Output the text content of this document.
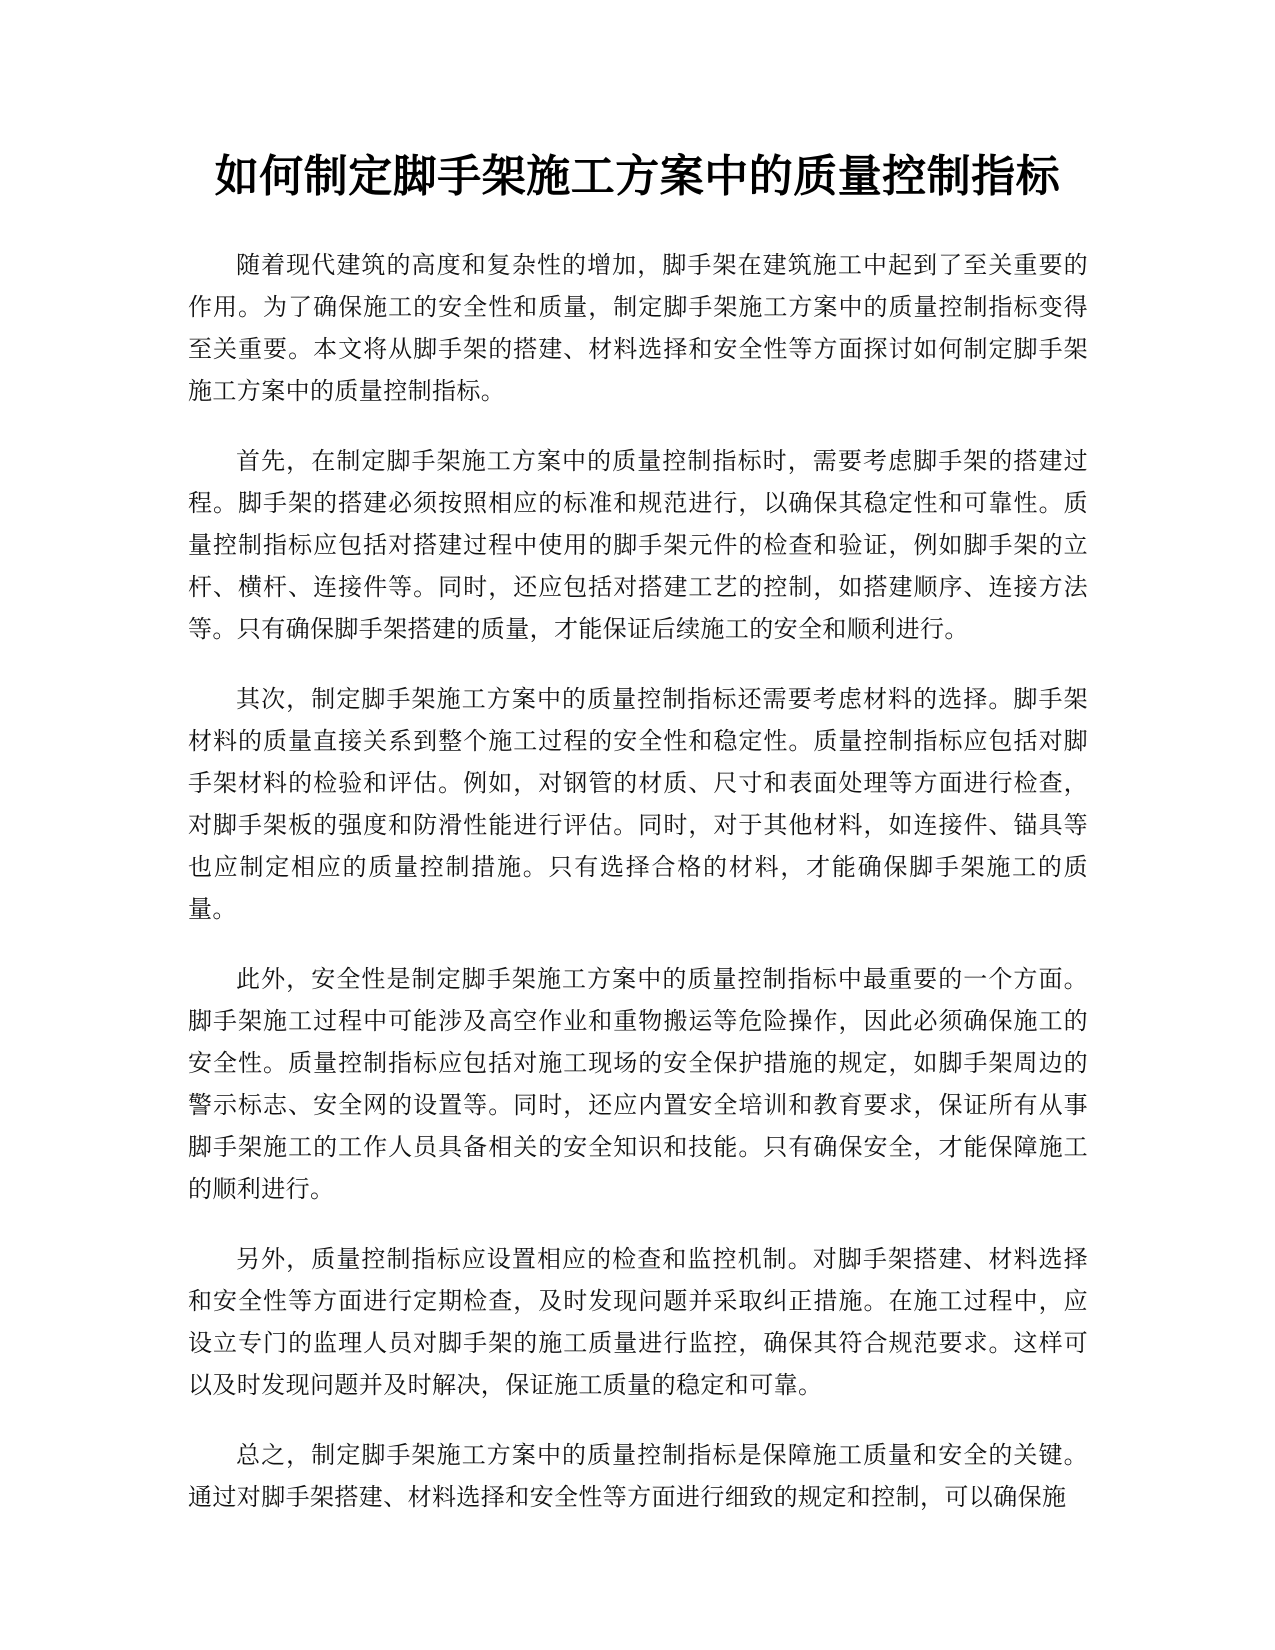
如何制定脚手架施工方案中的质量控制指标

随着现代建筑的高度和复杂性的增加，脚手架在建筑施工中起到了至关重要的作用。为了确保施工的安全性和质量，制定脚手架施工方案中的质量控制指标变得至关重要。本文将从脚手架的搭建、材料选择和安全性等方面探讨如何制定脚手架施工方案中的质量控制指标。

首先，在制定脚手架施工方案中的质量控制指标时，需要考虑脚手架的搭建过程。脚手架的搭建必须按照相应的标准和规范进行，以确保其稳定性和可靠性。质量控制指标应包括对搭建过程中使用的脚手架元件的检查和验证，例如脚手架的立杆、横杆、连接件等。同时，还应包括对搭建工艺的控制，如搭建顺序、连接方法等。只有确保脚手架搭建的质量，才能保证后续施工的安全和顺利进行。

其次，制定脚手架施工方案中的质量控制指标还需要考虑材料的选择。脚手架材料的质量直接关系到整个施工过程的安全性和稳定性。质量控制指标应包括对脚手架材料的检验和评估。例如，对钢管的材质、尺寸和表面处理等方面进行检查，对脚手架板的强度和防滑性能进行评估。同时，对于其他材料，如连接件、锚具等也应制定相应的质量控制措施。只有选择合格的材料，才能确保脚手架施工的质量。

此外，安全性是制定脚手架施工方案中的质量控制指标中最重要的一个方面。脚手架施工过程中可能涉及高空作业和重物搬运等危险操作，因此必须确保施工的安全性。质量控制指标应包括对施工现场的安全保护措施的规定，如脚手架周边的警示标志、安全网的设置等。同时，还应内置安全培训和教育要求，保证所有从事脚手架施工的工作人员具备相关的安全知识和技能。只有确保安全，才能保障施工的顺利进行。

另外，质量控制指标应设置相应的检查和监控机制。对脚手架搭建、材料选择和安全性等方面进行定期检查，及时发现问题并采取纠正措施。在施工过程中，应设立专门的监理人员对脚手架的施工质量进行监控，确保其符合规范要求。这样可以及时发现问题并及时解决，保证施工质量的稳定和可靠。

总之，制定脚手架施工方案中的质量控制指标是保障施工质量和安全的关键。通过对脚手架搭建、材料选择和安全性等方面进行细致的规定和控制，可以确保施
